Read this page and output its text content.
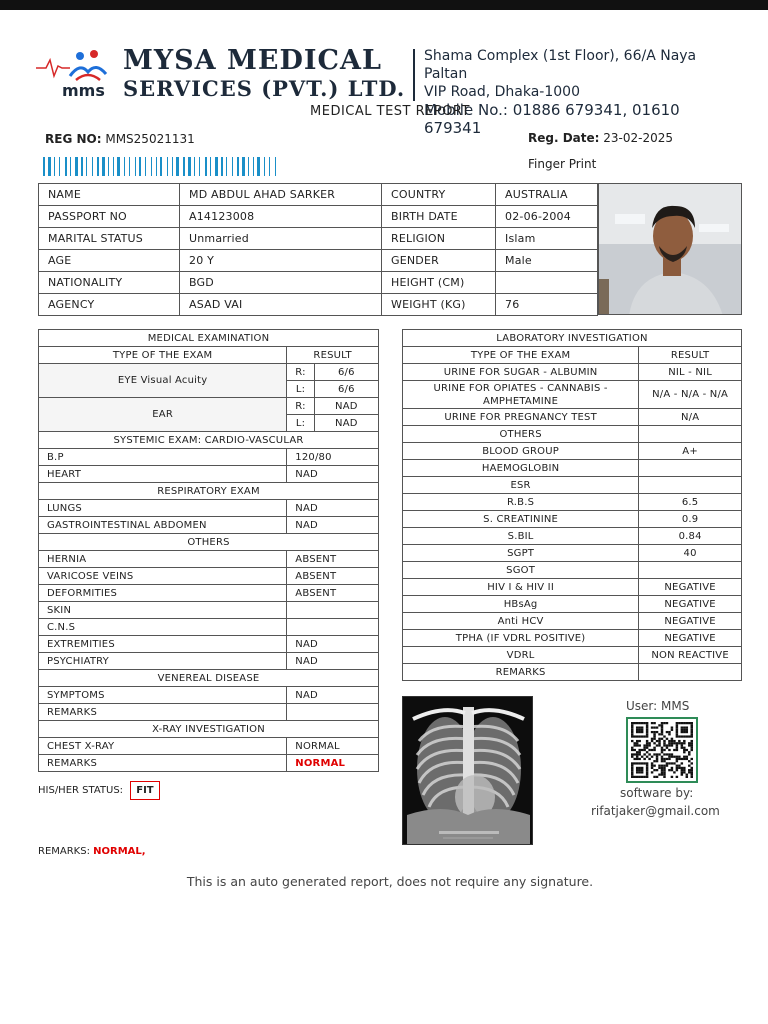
mms
MYSA MEDICAL
SERVICES (PVT.) LTD.
Shama Complex (1st Floor), 66/A Naya Paltan
VIP Road, Dhaka-1000
Mobile No.: 01886 679341, 01610 679341
MEDICAL TEST REPORT
REG NO: MMS25021131	Reg. Date: 23-02-2025
Finger Print
NAME	MD ABDUL AHAD SARKER	COUNTRY	AUSTRALIA
PASSPORT NO	A14123008	BIRTH DATE	02-06-2004
MARITAL STATUS	Unmarried	RELIGION	Islam
AGE	20 Y	GENDER	Male
NATIONALITY	BGD	HEIGHT (CM)	
AGENCY	ASAD VAI	WEIGHT (KG)	76
MEDICAL EXAMINATION		
TYPE OF THE EXAM	RESULT	
EYE Visual Acuity	R:	6/6
	L:	6/6
EAR	R:	NAD
	L:	NAD
SYSTEMIC EXAM: CARDIO-VASCULAR		
B.P	120/80	
HEART	NAD	
RESPIRATORY EXAM		
LUNGS	NAD	
GASTROINTESTINAL ABDOMEN	NAD	
OTHERS		
HERNIA	ABSENT	
VARICOSE VEINS	ABSENT	
DEFORMITIES	ABSENT	
SKIN		
C.N.S		
EXTREMITIES	NAD	
PSYCHIATRY	NAD	
VENEREAL DISEASE		
SYMPTOMS	NAD	
REMARKS		
X-RAY INVESTIGATION		
CHEST X-RAY	NORMAL	
REMARKS	NORMAL	
LABORATORY INVESTIGATION	
TYPE OF THE EXAM	RESULT
URINE FOR SUGAR - ALBUMIN	NIL - NIL
URINE FOR OPIATES - CANNABIS - AMPHETAMINE	N/A - N/A - N/A
URINE FOR PREGNANCY TEST	N/A
OTHERS	
BLOOD GROUP	A+
HAEMOGLOBIN	
ESR	
R.B.S	6.5
S. CREATININE	0.9
S.BIL	0.84
SGPT	40
SGOT	
HIV I & HIV II	NEGATIVE
HBsAg	NEGATIVE
Anti HCV	NEGATIVE
TPHA (IF VDRL POSITIVE)	NEGATIVE
VDRL	NON REACTIVE
REMARKS	
HIS/HER STATUS: FIT
User: MMS
software by:
rifatjaker@gmail.com
REMARKS: NORMAL,
This is an auto generated report, does not require any signature.
